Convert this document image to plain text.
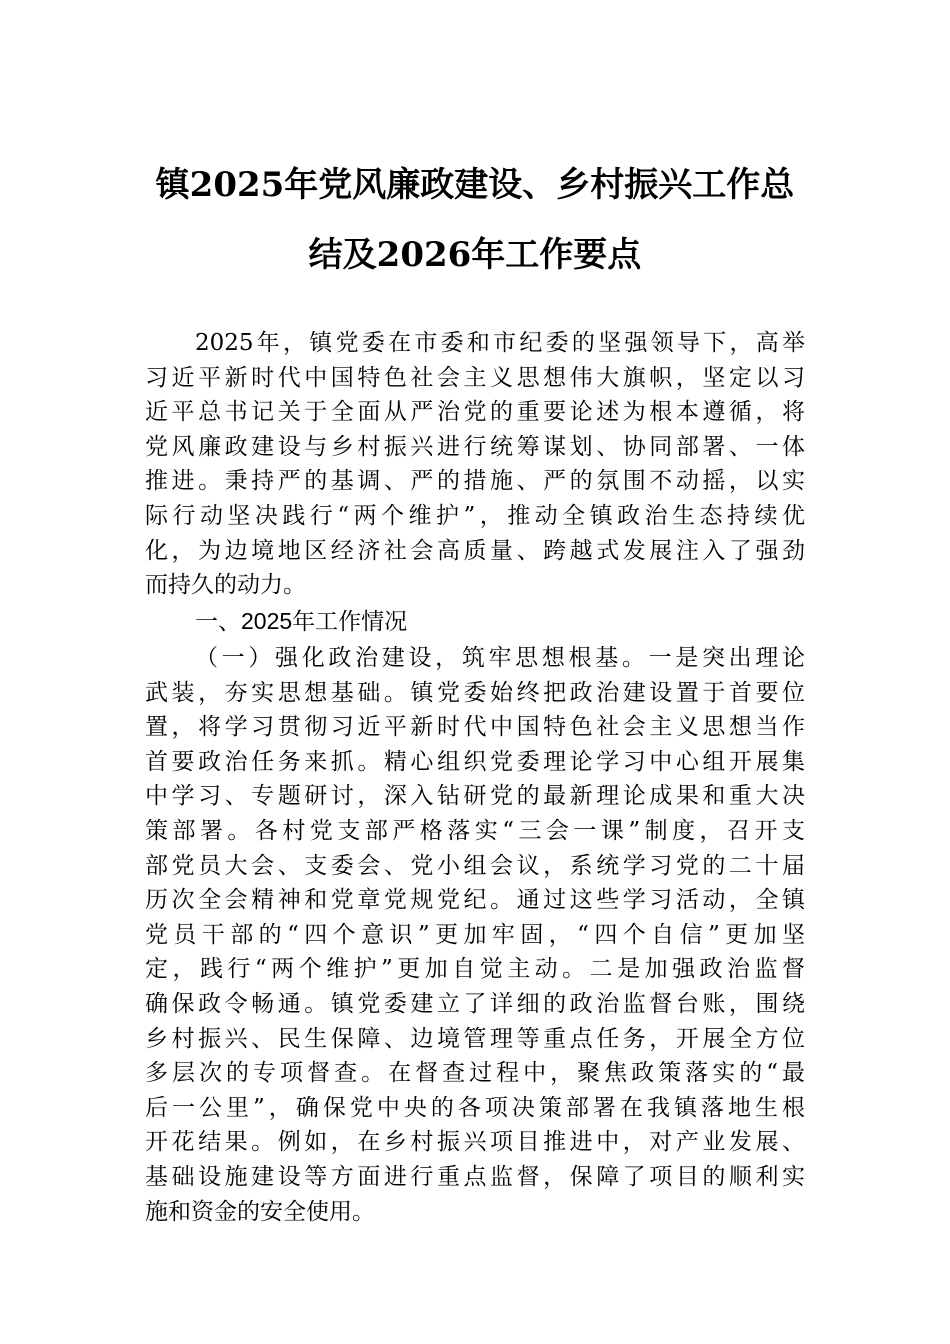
镇2025年党风廉政建设、乡村振兴工作总
结及2026年工作要点
2025年，镇党委在市委和市纪委的坚强领导下，高举
习近平新时代中国特色社会主义思想伟大旗帜，坚定以习
近平总书记关于全面从严治党的重要论述为根本遵循，将
党风廉政建设与乡村振兴进行统筹谋划、协同部署、一体
推进。秉持严的基调、严的措施、严的氛围不动摇，以实
际行动坚决践行“两个维护”，推动全镇政治生态持续优
化，为边境地区经济社会高质量、跨越式发展注入了强劲
而持久的动力。
一、2025年工作情况
（一）强化政治建设，筑牢思想根基。一是突出理论
武装，夯实思想基础。镇党委始终把政治建设置于首要位
置，将学习贯彻习近平新时代中国特色社会主义思想当作
首要政治任务来抓。精心组织党委理论学习中心组开展集
中学习、专题研讨，深入钻研党的最新理论成果和重大决
策部署。各村党支部严格落实“三会一课”制度，召开支
部党员大会、支委会、党小组会议，系统学习党的二十届
历次全会精神和党章党规党纪。通过这些学习活动，全镇
党员干部的“四个意识”更加牢固，“四个自信”更加坚
定，践行“两个维护”更加自觉主动。二是加强政治监督
确保政令畅通。镇党委建立了详细的政治监督台账，围绕
乡村振兴、民生保障、边境管理等重点任务，开展全方位
多层次的专项督查。在督查过程中，聚焦政策落实的“最
后一公里”，确保党中央的各项决策部署在我镇落地生根
开花结果。例如，在乡村振兴项目推进中，对产业发展、
基础设施建设等方面进行重点监督，保障了项目的顺利实
施和资金的安全使用。
